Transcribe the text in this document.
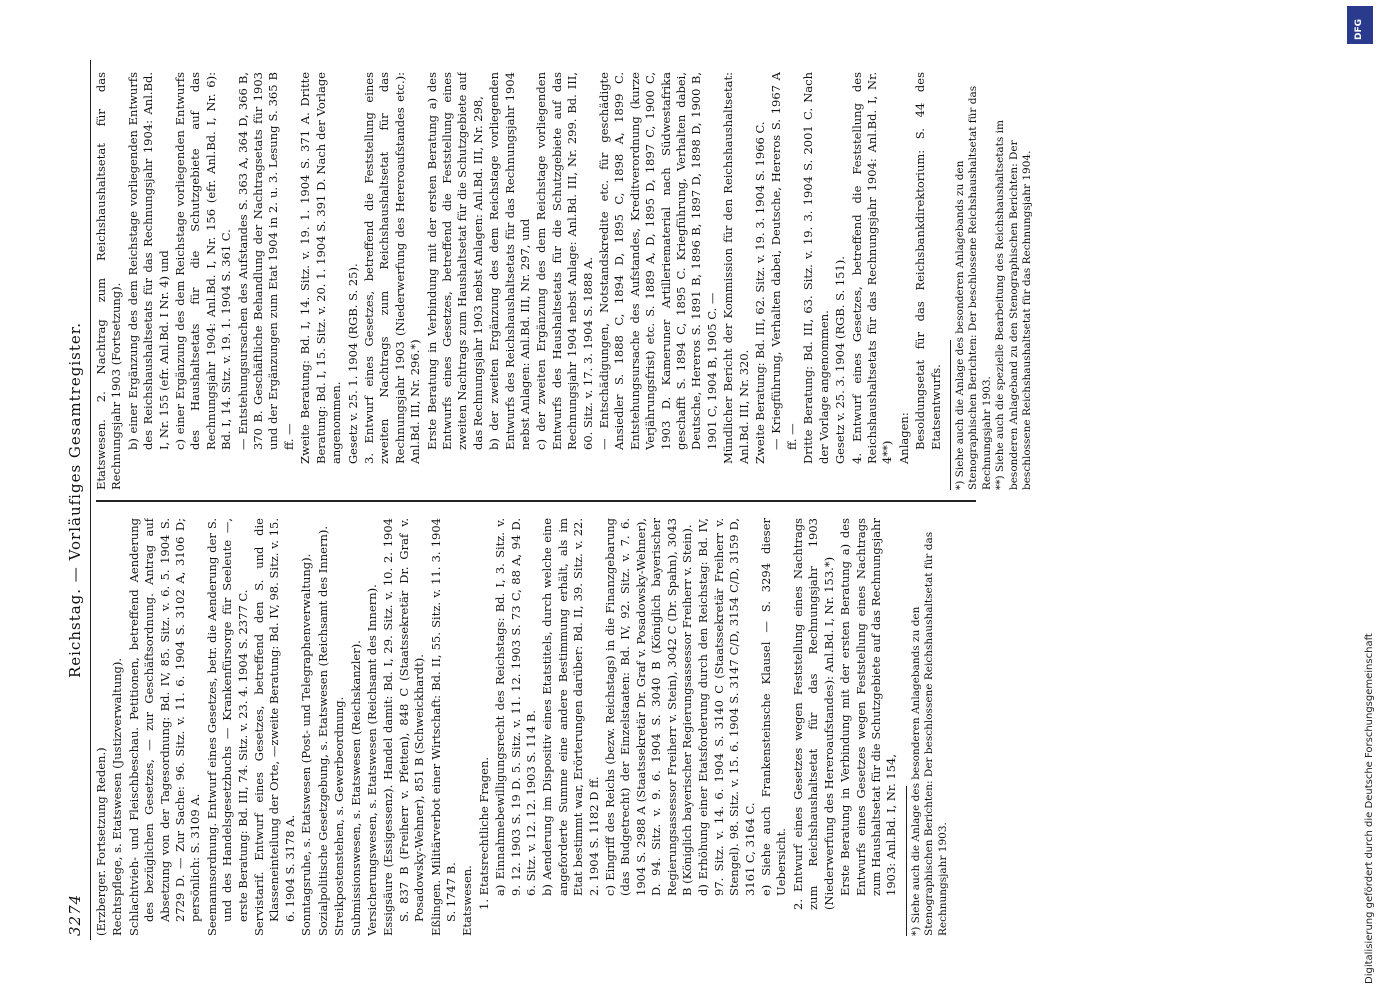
3274
Reichstag. — Vorläufiges Gesamtregister.
(Erzberger. Fortsetzung Reden.) Rechtspflege, s. Etatswesen (Justizverwaltung). Schlachtvieh- und Fleischbeschau. Petitionen, betreffend Aenderung des bezüglichen Gesetzes, — zur Geschäftsordnung. Antrag auf Absetzung von der Tagesordnung: Bd. IV, 85. Sitz. v. 6. 5. 1904 S. 2729 D. — Zur Sache: 96. Sitz. v. 11. 6. 1904 S. 3102 A, 3106 D; persönlich: S. 3109 A. Seemannsordnung. Entwurf eines Gesetzes, betr. die Aenderung der S. und des Handelsgesetzbuchs — Krankenfürsorge für Seeleute —, erste Beratung: Bd. III, 74. Sitz. v. 23. 4. 1904 S. 2377 C. Servistarif. Entwurf eines Gesetzes, betreffend den S. und die Klasseneinteilung der Orte, —zweite Beratung: Bd. IV, 98. Sitz. v. 15. 6. 1904 S. 3178 A. Sonntagsruhe, s. Etatswesen (Post- und Telegraphenverwaltung). Sozialpolitische Gesetzgebung, s. Etatswesen (Reichsamt des Innern). Streikpostenstehen, s. Gewerbeordnung. Submissionswesen, s. Etatswesen (Reichskanzler). Versicherungswesen, s. Etatswesen (Reichsamt des Innern). Essigsäure (Essigessenz). Handel damit: Bd. I, 29. Sitz. v. 10. 2. 1904 S. 837 B (Freiherr v. Pfetten), 848 C (Staatssekretär Dr. Graf v. Posadowsky-Wehner), 851 B (Schweickhardt). Eßlingen. Militärverbot einer Wirtschaft: Bd. II, 55. Sitz. v. 11. 3. 1904 S. 1747 B. Etatswesen. 1. Etatsrechtliche Fragen. a) Einnahmebewilligungsrecht des Reichstags: Bd. I, 3. Sitz. v. 9. 12. 1903 S. 19 D. 5. Sitz. v. 11. 12. 1903 S. 73 C, 88 A, 94 D. 6. Sitz. v. 12. 12. 1903 S. 114 B. b) Aenderung im Dispositiv eines Etatstitels, durch welche eine angeforderte Summe eine andere Bestimmung erhält, als im Etat bestimmt war, Erörterungen darüber: Bd. II, 39. Sitz. v. 22. 2. 1904 S. 1182 D ff. c) Eingriff des Reichs (bezw. Reichstags) in die Finanzgebarung (das Budgetrecht) der Einzelstaaten: Bd. IV, 92. Sitz. v. 7. 6. 1904 S. 2988 A (Staatssekretär Dr. Graf v. Posadowsky-Wehner), D. 94. Sitz. v. 9. 6. 1904 S. 3040 B (Königlich bayerischer Regierungsassessor Freiherr v. Stein), 3042 C (Dr. Spahn), 3043 B (Königlich bayerischer Regierungsassessor Freiherr v. Stein). d) Erhöhung einer Etatsforderung durch den Reichstag: Bd. IV, 97. Sitz. v. 14. 6. 1904 S. 3140 C (Staatssekretär Freiherr v. Stengel). 98. Sitz. v. 15. 6. 1904 S. 3147 C/D, 3154 C/D, 3159 D, 3161 C, 3164 C. e) Siehe auch Frankensteinsche Klausel — S. 3294 dieser Uebersicht. 2. Entwurf eines Gesetzes wegen Feststellung eines Nachtrags zum Reichshaushaltsetat für das Rechnungsjahr 1903 (Niederwerfung des Hereroaufstandes): Anl.Bd. I, Nr. 153.*) Erste Beratung in Verbindung mit der ersten Beratung a) des Entwurfs eines Gesetzes wegen Feststellung eines Nachtrags zum Haushaltsetat für die Schutzgebiete auf das Rechnungsjahr 1903: Anl.Bd. I, Nr. 154, *) Siehe auch die Anlage des besonderen Anlagebands zu den Stenographischen Berichten: Der beschlossene Reichshaushaltsetat für das Rechnungsjahr 1903.
Etatswesen. 2. Nachtrag zum Reichshaushaltsetat für das Rechnungsjahr 1903 (Fortsetzung). b) einer Ergänzung des dem Reichstage vorliegenden Entwurfs des Reichshaushaltsetats für das Rechnungsjahr 1904: Anl.Bd. I, Nr. 155 (efr. Anl.Bd. I Nr. 4) und c) einer Ergänzung des dem Reichstage vorliegenden Entwurfs des Haushaltsetats für die Schutzgebiete auf das Rechnungsjahr 1904: Anl.Bd. I, Nr. 156 (efr. Anl.Bd. I, Nr. 6): Bd. I, 14. Sitz. v. 19. 1. 1904 S. 361 C. — Entstehungsursachen des Aufstandes S. 363 A, 364 D, 366 B, 370 B. Geschäftliche Behandlung der Nachtragsetats für 1903 und der Ergänzungen zum Etat 1904 in 2. u. 3. Lesung S. 365 B ff. — Zweite Beratung: Bd. I, 14. Sitz. v. 19. 1. 1904 S. 371 A. Dritte Beratung: Bd. I, 15. Sitz. v. 20. 1. 1904 S. 391 D. Nach der Vorlage angenommen. Gesetz v. 25. 1. 1904 (RGB. S. 25). 3. Entwurf eines Gesetzes, betreffend die Feststellung eines zweiten Nachtrags zum Reichshaushaltsetat für das Rechnungsjahr 1903 (Niederwerfung des Hereroaufstandes etc.): Anl.Bd. III, Nr. 296.*) Erste Beratung in Verbindung mit der ersten Beratung a) des Entwurfs eines Gesetzes, betreffend die Feststellung eines zweiten Nachtrags zum Haushaltsetat für die Schutzgebiete auf das Rechnungsjahr 1903 nebst Anlagen: Anl.Bd. III, Nr. 298, b) der zweiten Ergänzung des dem Reichstage vorliegenden Entwurfs des Reichshaushaltsetats für das Rechnungsjahr 1904 nebst Anlagen: Anl.Bd. III, Nr. 297, und c) der zweiten Ergänzung des dem Reichstage vorliegenden Entwurfs des Haushaltsetats für die Schutzgebiete auf das Rechnungsjahr 1904 nebst Anlage: Anl.Bd. III, Nr. 299. Bd. III, 60. Sitz. v. 17. 3. 1904 S. 1888 A. — Entschädigungen, Notstandskredite etc. für geschädigte Ansiedler S. 1888 C, 1894 D, 1895 C, 1898 A, 1899 C. Entstehungsursache des Aufstandes, Kreditverordnung (kurze Verjährungsfrist) etc. S. 1889 A, D, 1895 D, 1897 C, 1900 C, 1903 D. Kameruner Artilleriematerial nach Südwestafrika geschafft S. 1894 C, 1895 C. Kriegführung, Verhalten dabei, Deutsche, Hereros S. 1891 B, 1896 B, 1897 D, 1898 D, 1900 B, 1901 C, 1904 B, 1905 C. — Mündlicher Bericht der Kommission für den Reichshaushaltsetat: Anl.Bd. III, Nr. 320. Zweite Beratung: Bd. III, 62. Sitz. v. 19. 3. 1904 S. 1966 C. — Kriegführung, Verhalten dabei, Deutsche, Hereros S. 1967 A ff. — Dritte Beratung: Bd. III, 63. Sitz. v. 19. 3. 1904 S. 2001 C. Nach der Vorlage angenommen. Gesetz v. 25. 3. 1904 (RGB. S. 151). 4. Entwurf eines Gesetzes, betreffend die Feststellung des Reichshaushaltsetats für das Rechnungsjahr 1904: Anl.Bd. I, Nr. 4**) Anlagen: Besoldungsetat für das Reichsbankdirektorium: S. 44 des Etatsentwurfs. *) Siehe auch die Anlage des besonderen Anlagebands zu den Stenographischen Berichten: Der beschlossene Reichshaushaltsetat für das Rechnungsjahr 1903. **) Siehe auch die spezielle Bearbeitung des Reichshaushaltsetats im besonderen Anlageband zu den Stenographischen Berichten: Der beschlossene Reichshaushaltsetat für das Rechnungsjahr 1904.
DFG
Digitalisierung gefördert durch die Deutsche Forschungsgemeinschaft
